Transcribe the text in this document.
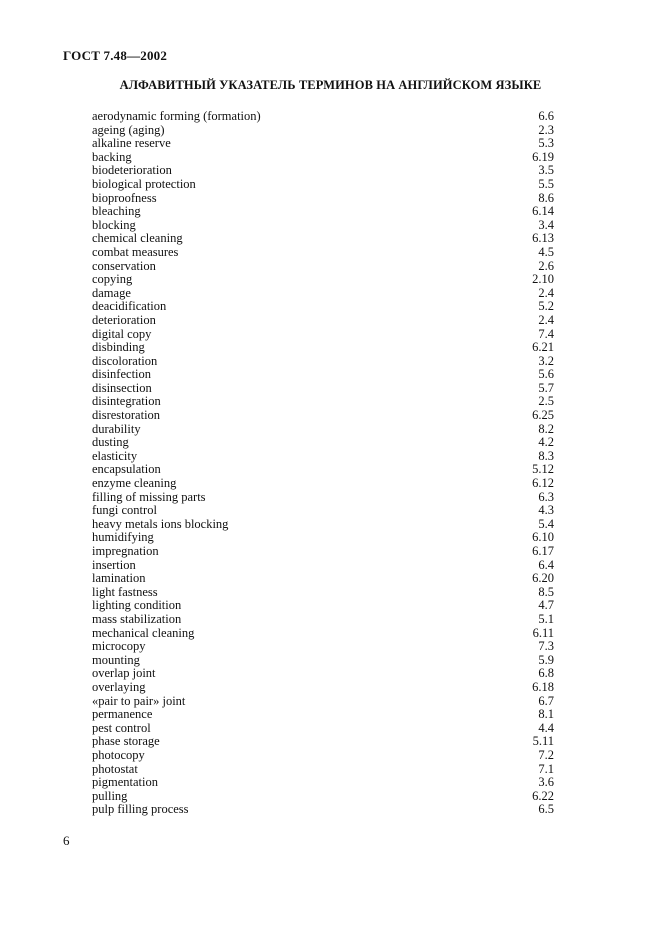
ГОСТ 7.48—2002
АЛФАВИТНЫЙ УКАЗАТЕЛЬ ТЕРМИНОВ НА АНГЛИЙСКОМ ЯЗЫКЕ
aerodynamic forming (formation)	6.6
ageing (aging)	2.3
alkaline reserve	5.3
backing	6.19
biodeterioration	3.5
biological protection	5.5
bioproofness	8.6
bleaching	6.14
blocking	3.4
chemical cleaning	6.13
combat measures	4.5
conservation	2.6
copying	2.10
damage	2.4
deacidification	5.2
deterioration	2.4
digital copy	7.4
disbinding	6.21
discoloration	3.2
disinfection	5.6
disinsection	5.7
disintegration	2.5
disrestoration	6.25
durability	8.2
dusting	4.2
elasticity	8.3
encapsulation	5.12
enzyme cleaning	6.12
filling of missing parts	6.3
fungi control	4.3
heavy metals ions blocking	5.4
humidifying	6.10
impregnation	6.17
insertion	6.4
lamination	6.20
light fastness	8.5
lighting condition	4.7
mass stabilization	5.1
mechanical cleaning	6.11
microcopy	7.3
mounting	5.9
overlap joint	6.8
overlaying	6.18
«pair to pair» joint	6.7
permanence	8.1
pest control	4.4
phase storage	5.11
photocopy	7.2
photostat	7.1
pigmentation	3.6
pulling	6.22
pulp filling process	6.5
6
